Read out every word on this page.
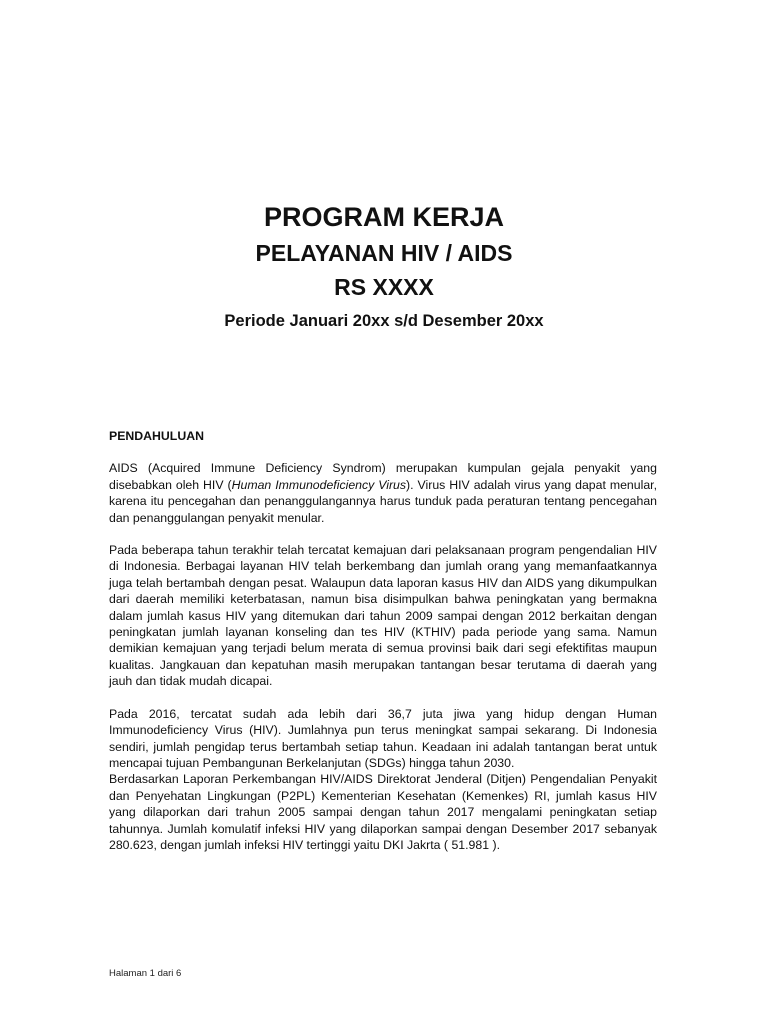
PROGRAM KERJA

PELAYANAN HIV / AIDS

RS XXXX

Periode Januari 20xx s/d Desember 20xx

PENDAHULUAN

AIDS (Acquired Immune Deficiency Syndrom) merupakan kumpulan gejala penyakit yang disebabkan oleh HIV (Human Immunodeficiency Virus). Virus HIV adalah virus yang dapat menular, karena itu pencegahan dan penanggulangannya harus tunduk pada peraturan tentang pencegahan dan penanggulangan penyakit menular.

Pada beberapa tahun terakhir telah tercatat kemajuan dari pelaksanaan program pengendalian HIV di Indonesia. Berbagai layanan HIV telah berkembang dan jumlah orang yang memanfaatkannya juga telah bertambah dengan pesat. Walaupun data laporan kasus HIV dan AIDS yang dikumpulkan dari daerah memiliki keterbatasan, namun bisa disimpulkan bahwa peningkatan yang bermakna dalam jumlah kasus HIV yang ditemukan dari tahun 2009 sampai dengan 2012 berkaitan dengan peningkatan jumlah layanan konseling dan tes HIV (KTHIV) pada periode yang sama. Namun demikian kemajuan yang terjadi belum merata di semua provinsi baik dari segi efektifitas maupun kualitas. Jangkauan dan kepatuhan masih merupakan tantangan besar terutama di daerah yang jauh dan tidak mudah dicapai.

Pada 2016, tercatat sudah ada lebih dari 36,7 juta jiwa yang hidup dengan Human Immunodeficiency Virus (HIV). Jumlahnya pun terus meningkat sampai sekarang. Di Indonesia sendiri, jumlah pengidap terus bertambah setiap tahun. Keadaan ini adalah tantangan berat untuk mencapai tujuan Pembangunan Berkelanjutan (SDGs) hingga tahun 2030.

Berdasarkan Laporan Perkembangan HIV/AIDS Direktorat Jenderal (Ditjen) Pengendalian Penyakit dan Penyehatan Lingkungan (P2PL) Kementerian Kesehatan (Kemenkes) RI, jumlah kasus HIV yang dilaporkan dari trahun 2005 sampai dengan tahun 2017 mengalami peningkatan setiap tahunnya. Jumlah komulatif infeksi HIV yang dilaporkan sampai dengan Desember 2017 sebanyak 280.623, dengan jumlah infeksi HIV tertinggi yaitu DKI Jakrta ( 51.981 ).

Halaman 1 dari 6
